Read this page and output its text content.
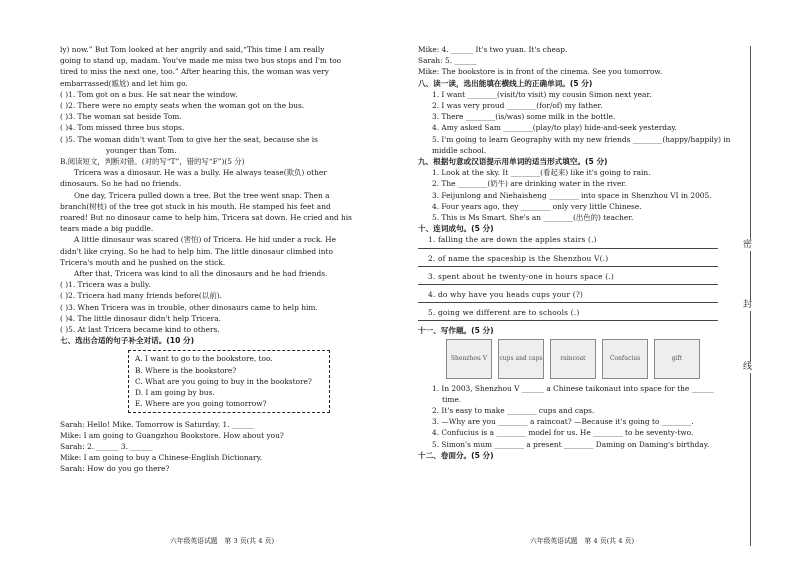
ly) now.” But Tom looked at her angrily and said,“This time I am really
going to stand up, madam. You've made me miss two bus stops and I'm too
tired to miss the next one, too.” After hearing this, the woman was very
embarrassed(尴尬) and let him go.
( )1. Tom got on a bus. He sat near the window.
( )2. There were no empty seats when the woman got on the bus.
( )3. The woman sat beside Tom.
( )4. Tom missed three bus stops.
( )5. The woman didn't want Tom to give her the seat, because she is
younger than Tom.
B.阅读短文，判断对错。(对的写“T”，错的写“F”)(5 分)
Tricera was a dinosaur. He was a bully. He always tease(欺负) other
dinosaurs. So he had no friends.
One day, Tricera pulled down a tree. But the tree went snap. Then a
branch(树枝) of the tree got stuck in his mouth. He stamped his feet and
roared! But no dinosaur came to help him. Tricera sat down. He cried and his
tears made a big puddle.
A little dinosaur was scared (害怕) of Tricera. He hid under a rock. He
didn't like crying. So he had to help him. The little dinosaur climbed into
Tricera's mouth and he pushed on the stick.
After that, Tricera was kind to all the dinosaurs and he had friends.
( )1. Tricera was a bully.
( )2. Tricera had many friends before(以前).
( )3. When Tricera was in trouble, other dinosaurs came to help him.
( )4. The little dinosaur didn't help Tricera.
( )5. At last Tricera became kind to others.
七、选出合适的句子补全对话。(10 分)
A. I want to go to the bookstore, too.
B. Where is the bookstore?
C. What are you going to buy in the bookstore?
D. I am going by bus.
E. Where are you going tomorrow?
Sarah: Hello! Mike. Tomorrow is Saturday. 1. ______
Mike: I am going to Guangzhou Bookstore. How about you?
Sarah: 2. ______ 3. ______
Mike: I am going to buy a Chinese-English Dictionary.
Sarah: How do you go there?
Mike: 4. ______ It's two yuan. It's cheap.
Sarah: 5. ______
Mike: The bookstore is in front of the cinema. See you tomorrow.
八、读一读，选出能填在横线上的正确单词。(5 分)
1. I want ________(visit/to visit) my cousin Simon next year.
2. I was very proud ________(for/of) my father.
3. There ________(is/was) some milk in the bottle.
4. Amy asked Sam ________(play/to play) hide-and-seek yesterday.
5. I'm going to learn Geography with my new friends ________(happy/happily) in
middle school.
九、根据句意或汉语提示用单词的适当形式填空。(5 分)
1. Look at the sky. It ________(看起来) like it's going to rain.
2. The ________(奶牛) are drinking water in the river.
3. Feijunlong and Niehaisheng ________ into space in Shenzhou VI in 2005.
4. Four years ago, they ________ only very little Chinese.
5. This is Ms Smart. She's an ________(出色的) teacher.
十、连词成句。(5 分)
1. falling the are down the apples stairs (.)
2. of name the spaceship is the Shenzhou V(.)
3. spent about he twenty-one in hours space (.)
4. do why have you heads cups your (?)
5. going we different are to schools (.)
十一、写作题。(5 分)
Shenzhou V	cups and caps	raincoat	Confucius	gift
1. In 2003, Shenzhou V ______ a Chinese taikonaut into space for the ______
time.
2. It's easy to make ________ cups and caps.
3. —Why are you ________ a raincoat? —Because it's going to ________.
4. Confucius is a ________ model for us. He ________ to be seventy-two.
5. Simon's mum ________ a present ________ Daming on Daming's birthday.
十二、卷面分。(5 分)
六年级英语试题　第 3 页(共 4 页)	六年级英语试题　第 4 页(共 4 页)
密
封
线
